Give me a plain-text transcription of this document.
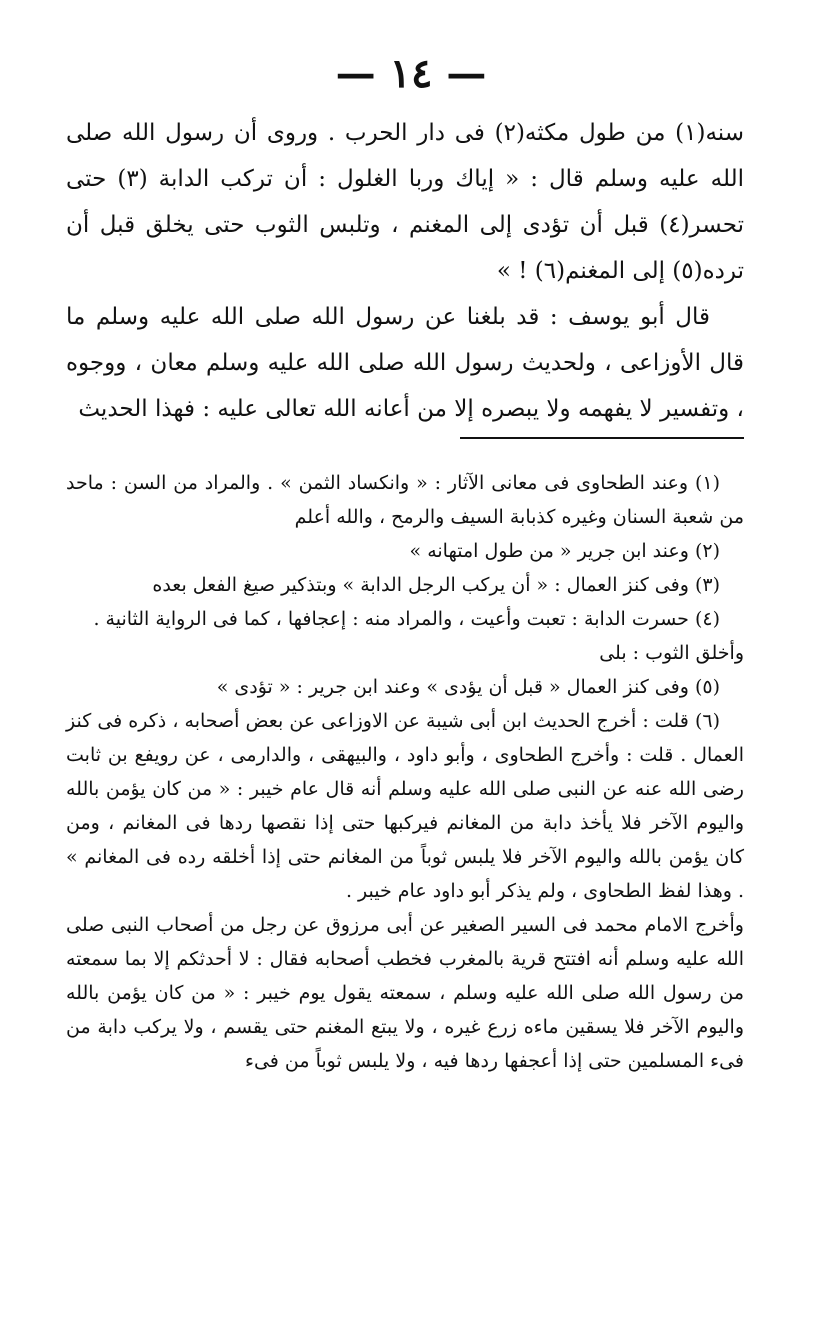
— ١٤ —

سنه(١) من طول مكثه(٢) فى دار الحرب . وروى أن رسول الله صلى الله عليه وسلم قال : « إياك وربا الغلول : أن تركب الدابة (٣) حتى تحسر(٤) قبل أن تؤدى إلى المغنم ، وتلبس الثوب حتى يخلق قبل أن ترده(٥) إلى المغنم(٦) ! »

قال أبو يوسف : قد بلغنا عن رسول الله صلى الله عليه وسلم ما قال الأوزاعى ، ولحديث رسول الله صلى الله عليه وسلم معان ، ووجوه ، وتفسير لا يفهمه ولا يبصره إلا من أعانه الله تعالى عليه : فهذا الحديث

(١) وعند الطحاوى فى معانى الآثار : « وانكساد الثمن » . والمراد من السن : ماحد من شعبة السنان وغيره كذبابة السيف والرمح ، والله أعلم

(٢) وعند ابن جرير « من طول امتهانه »

(٣) وفى كنز العمال : « أن يركب الرجل الدابة » وبتذكير صيغ الفعل بعده

(٤) حسرت الدابة : تعبت وأعيت ، والمراد منه : إعجافها ، كما فى الرواية الثانية .

وأخلق الثوب : بلى

(٥) وفى كنز العمال « قبل أن يؤدى » وعند ابن جرير : « تؤدى »

(٦) قلت : أخرج الحديث ابن أبى شيبة عن الاوزاعى عن بعض أصحابه ، ذكره فى كنز العمال . قلت : وأخرج الطحاوى ، وأبو داود ، والبيهقى ، والدارمى ، عن رويفع بن ثابت رضى الله عنه عن النبى صلى الله عليه وسلم أنه قال عام خيبر : « من كان يؤمن بالله واليوم الآخر فلا يأخذ دابة من المغانم فيركبها حتى إذا نقصها ردها فى المغانم ، ومن كان يؤمن بالله واليوم الآخر فلا يلبس ثوباً من المغانم حتى إذا أخلقه رده فى المغانم » . وهذا لفظ الطحاوى ، ولم يذكر أبو داود عام خيبر .

وأخرج الامام محمد فى السير الصغير عن أبى مرزوق عن رجل من أصحاب النبى صلى الله عليه وسلم أنه افتتح قرية بالمغرب فخطب أصحابه فقال : لا أحدثكم إلا بما سمعته من رسول الله صلى الله عليه وسلم ، سمعته يقول يوم خيبر : « من كان يؤمن بالله واليوم الآخر فلا يسقين ماءه زرع غيره ، ولا يبتع المغنم حتى يقسم ، ولا يركب دابة من فىء المسلمين حتى إذا أعجفها ردها فيه ، ولا يلبس ثوباً من فىء
